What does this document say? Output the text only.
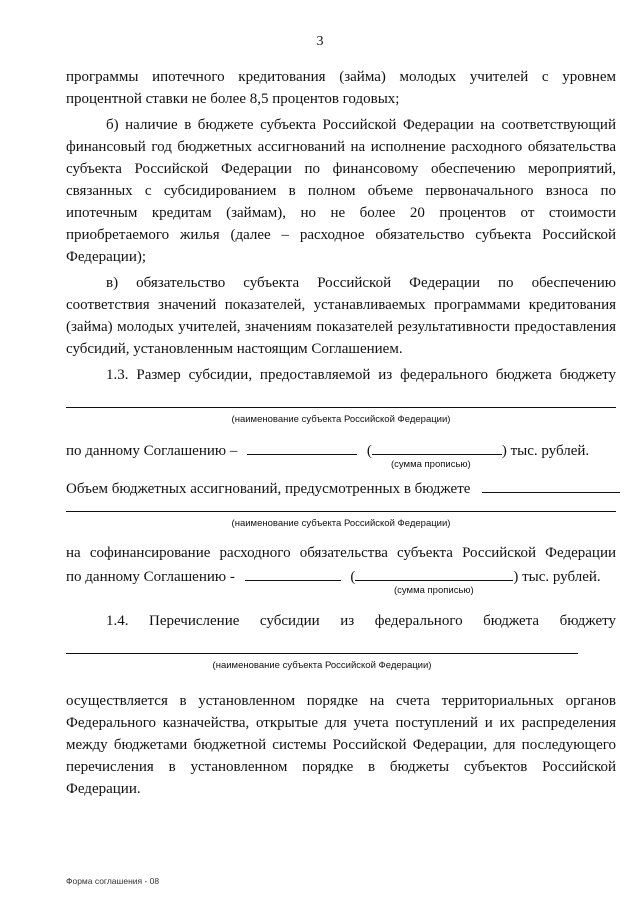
3

программы ипотечного кредитования (займа) молодых учителей с уровнем

процентной ставки не более 8,5 процентов годовых;

б) наличие в бюджете субъекта Российской Федерации на соответствующий финансовый год бюджетных ассигнований на исполнение расходного обязательства субъекта Российской Федерации по финансовому обеспечению мероприятий, связанных с субсидированием в полном объеме первоначального взноса по ипотечным кредитам (займам), но не более 20 процентов от стоимости приобретаемого жилья (далее – расходное обязательство субъекта Российской Федерации);

в) обязательство субъекта Российской Федерации по обеспечению соответствия значений показателей, устанавливаемых программами кредитования (займа) молодых учителей, значениям показателей результативности предоставления субсидий, установленным настоящим Соглашением.

1.3. Размер субсидии, предоставляемой из федерального бюджета бюджету

(наименование субъекта Российской Федерации)
по данному Соглашению –	(	) тыс. рублей.
(сумма прописью)
Объем бюджетных ассигнований, предусмотренных в бюджете
(наименование субъекта Российской Федерации)

на софинансирование расходного обязательства субъекта Российской Федерации

по данному Соглашению -	(	) тыс. рублей.
(сумма прописью)

1.4. Перечисление субсидии из федерального бюджета бюджету

(наименование субъекта Российской Федерации)

осуществляется в установленном порядке на счета территориальных органов Федерального казначейства, открытые для учета поступлений и их распределения между бюджетами бюджетной системы Российской Федерации, для последующего перечисления в установленном порядке в бюджеты субъектов Российской Федерации.

Форма соглашения - 08
